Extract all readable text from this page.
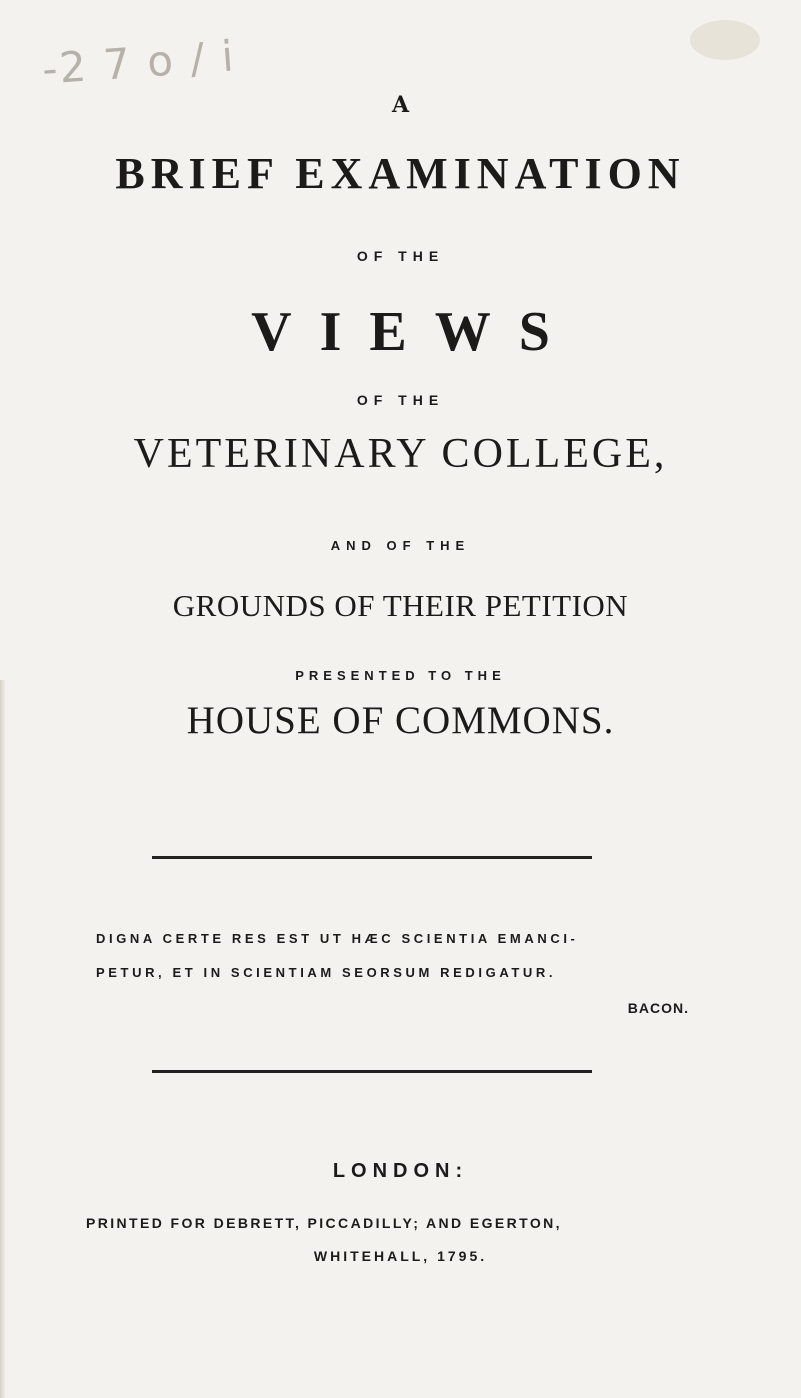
-2 7 o / i
A
BRIEF EXAMINATION
OF THE
VIEWS
OF THE
VETERINARY COLLEGE,
AND OF THE
GROUNDS OF THEIR PETITION
PRESENTED TO THE
HOUSE OF COMMONS.
DIGNA CERTE RES EST UT HÆC SCIENTIA EMANCI-
PETUR, ET IN SCIENTIAM SEORSUM REDIGATUR.
BACON.
LONDON:
PRINTED FOR DEBRETT, PICCADILLY; AND EGERTON,
WHITEHALL, 1795.
